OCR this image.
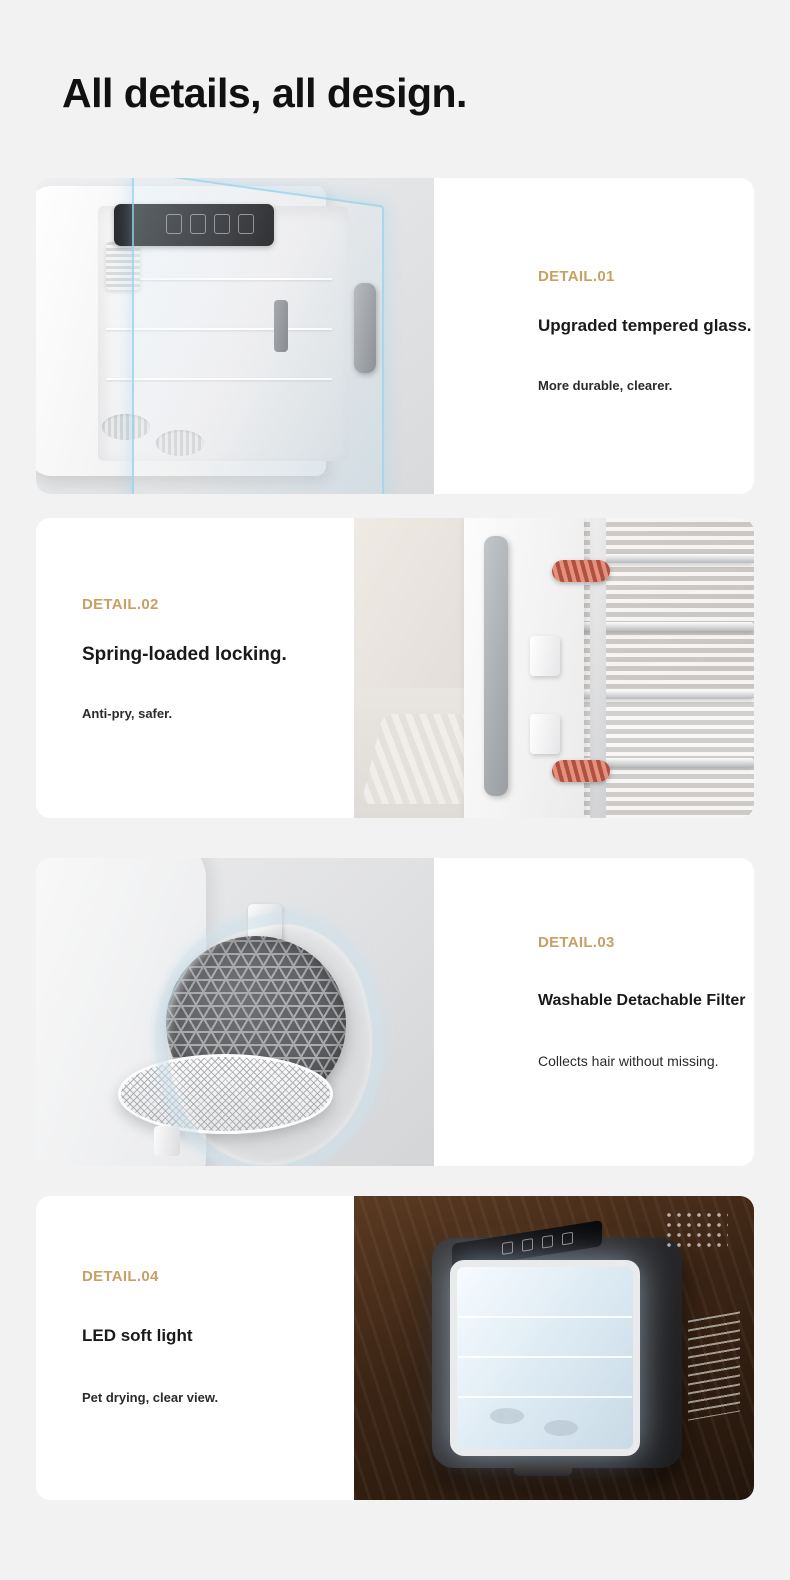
All details, all design.
DETAIL.01
Upgraded tempered glass.
More durable, clearer.
DETAIL.02
Spring-loaded locking.
Anti-pry, safer.
DETAIL.03
Washable Detachable Filter
Collects hair without missing.
DETAIL.04
LED soft light
Pet drying, clear view.
